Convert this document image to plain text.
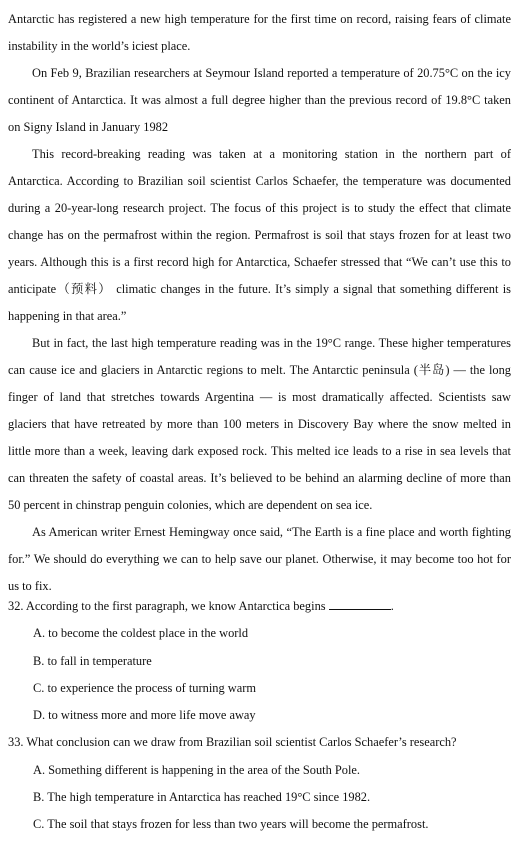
Antarctic has registered a new high temperature for the first time on record, raising fears of climate instability in the world’s iciest place.

On Feb 9, Brazilian researchers at Seymour Island reported a temperature of 20.75°C on the icy continent of Antarctica. It was almost a full degree higher than the previous record of 19.8°C taken on Signy Island in January 1982

This record-breaking reading was taken at a monitoring station in the northern part of Antarctica. According to Brazilian soil scientist Carlos Schaefer, the temperature was documented during a 20-year-long research project. The focus of this project is to study the effect that climate change has on the permafrost within the region. Permafrost is soil that stays frozen for at least two years. Although this is a first record high for Antarctica, Schaefer stressed that “We can’t use this to anticipate（预料） climatic changes in the future. It’s simply a signal that something different is happening in that area.”

But in fact, the last high temperature reading was in the 19°C range. These higher temperatures can cause ice and glaciers in Antarctic regions to melt. The Antarctic peninsula (半岛) — the long finger of land that stretches towards Argentina — is most dramatically affected. Scientists saw glaciers that have retreated by more than 100 meters in Discovery Bay where the snow melted in little more than a week, leaving dark exposed rock. This melted ice leads to a rise in sea levels that can threaten the safety of coastal areas. It’s believed to be behind an alarming decline of more than 50 percent in chinstrap penguin colonies, which are dependent on sea ice.

As American writer Ernest Hemingway once said, “The Earth is a fine place and worth fighting for.” We should do everything we can to help save our planet. Otherwise, it may become too hot for us to fix.

32. According to the first paragraph, we know Antarctica begins	.

A. to become the coldest place in the world

B. to fall in temperature

C. to experience the process of turning warm

D. to witness more and more life move away

33. What conclusion can we draw from Brazilian soil scientist Carlos Schaefer’s research?

A. Something different is happening in the area of the South Pole.

B. The high temperature in Antarctica has reached 19°C since 1982.

C. The soil that stays frozen for less than two years will become the permafrost.
